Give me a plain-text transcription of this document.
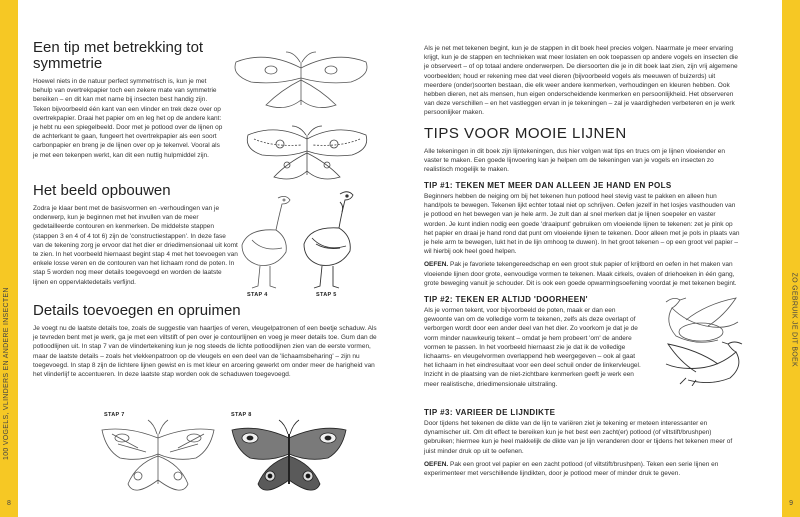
100 VOGELS, VLINDERS EN ANDERE INSECTEN	ZO GEBRUIK JE DIT BOEK
8	9
Een tip met betrekking tot symmetrie

Hoewel niets in de natuur perfect symmetrisch is, kun je met behulp van overtrekpapier toch een zekere mate van symmetrie bereiken – en dit kan met name bij insecten best handig zijn. Teken bijvoorbeeld één kant van een vlinder en trek deze over op overtrekpapier. Draai het papier om en leg het op de andere kant: je hebt nu een spiegelbeeld. Door met je potlood over de lijnen op de achterkant te gaan, fungeert het overtrekpapier als een soort carbonpapier en breng je de lijnen over op je tekenvel. Vooral als je met een tekenpen werkt, kan dit een nuttig hulpmiddel zijn.

Het beeld opbouwen

Zodra je klaar bent met de basisvormen en -verhoudingen van je onderwerp, kun je beginnen met het invullen van de meer gedetailleerde contouren en kenmerken. De middelste stappen (stappen 3 en 4 of 4 tot 6) zijn de 'constructiestappen'. In deze fase van de tekening zorg je ervoor dat het dier er driedimensionaal uit komt te zien. In het voorbeeld hiernaast begint stap 4 met het toevoegen van enkele losse veren en de contouren van het lichaam rond de poten. In stap 5 worden nog meer details toegevoegd en worden de laatste lijnen en oppervlaktedetails verfijnd.

STAP 4	STAP 5
Details toevoegen en opruimen

Je voegt nu de laatste details toe, zoals de suggestie van haartjes of veren, vleugelpatronen of een beetje schaduw. Als je tevreden bent met je werk, ga je met een viltstift of pen over je contourlijnen en voeg je meer details toe. Gum dan de potloodlijnen uit. In stap 7 van de vlindertekening kun je nog steeds de lichte potloodlijnen zien van de eerste vormen, maar de laatste details – zoals het vlekkenpatroon op de vleugels en een deel van de 'lichaamsbeharing' – zijn nu toegevoegd. In stap 8 zijn de lichtere lijnen gewist en is met kleur en arcering gewerkt om onder meer de harigheid van het vlinderlijf te accentueren. In deze laatste stap worden ook de schaduwen toegevoegd.

STAP 7	STAP 8

Als je net met tekenen begint, kun je de stappen in dit boek heel precies volgen. Naarmate je meer ervaring krijgt, kun je de stappen en technieken wat meer loslaten en ook toepassen op andere vogels en insecten die je observeert – of op totaal andere onderwerpen. De diersoorten die je in dit boek laat zien, zijn vrij algemene voorbeelden; houd er rekening mee dat veel dieren (bijvoorbeeld vogels als meeuwen of buizerds) uit meerdere (onder)soorten bestaan, die elk weer andere kenmerken, verhoudingen en kleuren hebben. Ook hebben dieren, net als mensen, hun eigen onderscheidende kenmerken en persoonlijkheid. Het observeren van deze verschillen – en het vastleggen ervan in je tekeningen – zal je vaardigheden verbeteren en je werk persoonlijker maken.

TIPS VOOR MOOIE LIJNEN

Alle tekeningen in dit boek zijn lijntekeningen, dus hier volgen wat tips en trucs om je lijnen vloeiender en vaster te maken. Een goede lijnvoering kan je helpen om de tekeningen van je vogels en insecten zo realistisch mogelijk te maken.

TIP #1: TEKEN MET MEER DAN ALLEEN JE HAND EN POLS

Beginners hebben de neiging om bij het tekenen hun potlood heel stevig vast te pakken en alleen hun hand/pols te bewegen. Tekenen lijkt echter totaal niet op schrijven. Oefen jezelf in het losjes vasthouden van je potlood en het bewegen van je hele arm. Je zult dan al snel merken dat je lijnen soepeler en vaster worden. Je kunt indien nodig een goede 'draaipunt' gebruiken om vloeiende lijnen te tekenen: zet je pink op het papier en draai je hand rond dat punt om vloeiende lijnen te tekenen. Door alleen met je pols in plaats van je hele arm te bewegen, lukt het in de lijn omhoog te duwen). In het groot tekenen – op een groot vel papier – wil hierbij ook heel goed helpen.

OEFEN. Pak je favoriete tekengereedschap en een groot stuk papier of krijtbord en oefen in het maken van vloeiende lijnen door grote, eenvoudige vormen te tekenen. Maak cirkels, ovalen of driehoeken in één gang, grote beweging vanuit je schouder. Dit is ook een goede opwarmingsoefening voordat je met tekenen begint.

TIP #2: TEKEN ER ALTIJD 'DOORHEEN'

Als je vormen tekent, voor bijvoorbeeld de poten, maak er dan een gewoonte van om de volledige vorm te tekenen, zelfs als deze overlapt of verborgen wordt door een ander deel van het dier. Zo voorkom je dat je de vorm minder nauwkeurig tekent – omdat je hem probeert 'om' de andere vormen te passen. In het voorbeeld hiernaast zie je dat ik de volledige lichaams- en vleugelvormen overlappend heb weergegeven – ook al gaat het lichaam in het eindresultaat voor een deel schuil onder de linkervleugel. Inzicht in de plaatsing van de niet-zichtbare kenmerken geeft je werk een meer realistische, driedimensionale uitstraling.

TIP #3: VARIEER DE LIJNDIKTE

Door tijdens het tekenen de dikte van de lijn te variëren ziet je tekening er meteen interessanter en dynamischer uit. Om dit effect te bereiken kun je het best een zacht(er) potlood (of viltstift/brushpen) gebruiken; hiermee kun je heel makkelijk de dikte van je lijn veranderen door er tijdens het tekenen meer of juist minder druk op uit te oefenen.

OEFEN. Pak een groot vel papier en een zacht potlood (of viltstift/brushpen). Teken een serie lijnen en experimenteer met verschillende lijndikten, door je potlood meer of minder druk te geven.
